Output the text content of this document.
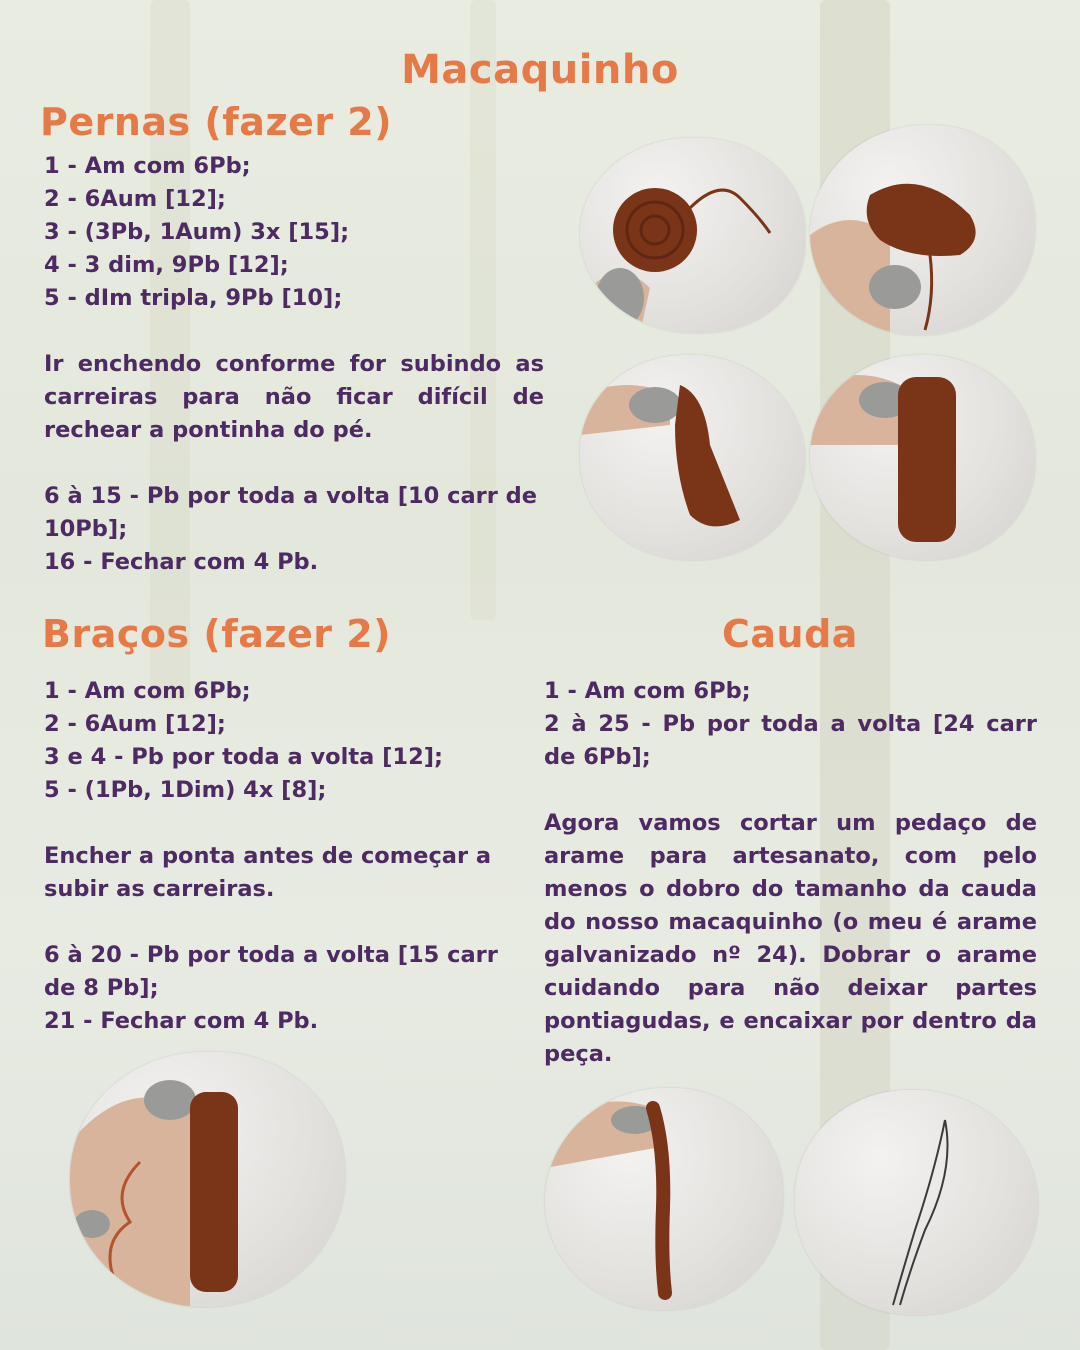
Macaquinho
Pernas (fazer 2)
1 - Am com 6Pb;
2 - 6Aum [12];
3 - (3Pb, 1Aum) 3x [15];
4 - 3 dim, 9Pb [12];
5 - dIm tripla, 9Pb [10];
Ir enchendo conforme for subindo as carreiras para não ficar difícil de rechear a pontinha do pé.
6 à 15 - Pb por toda a volta [10 carr de 10Pb];
16 - Fechar com 4 Pb.
Braços (fazer 2)
1 - Am com 6Pb;
2 - 6Aum [12];
3 e 4 - Pb por toda a volta [12];
5 - (1Pb, 1Dim) 4x [8];
Encher a ponta antes de começar a subir as carreiras.
6 à 20 - Pb por toda a volta [15 carr de 8 Pb];
21 - Fechar com 4 Pb.
Cauda
1 - Am com 6Pb;
2 à 25 - Pb por toda a volta [24 carr de 6Pb];
Agora vamos cortar um pedaço de arame para artesanato, com pelo menos o dobro do tamanho da cauda do nosso macaquinho (o meu é arame galvanizado nº 24). Dobrar o arame cuidando para não deixar partes pontiagudas, e encaixar por dentro da peça.
